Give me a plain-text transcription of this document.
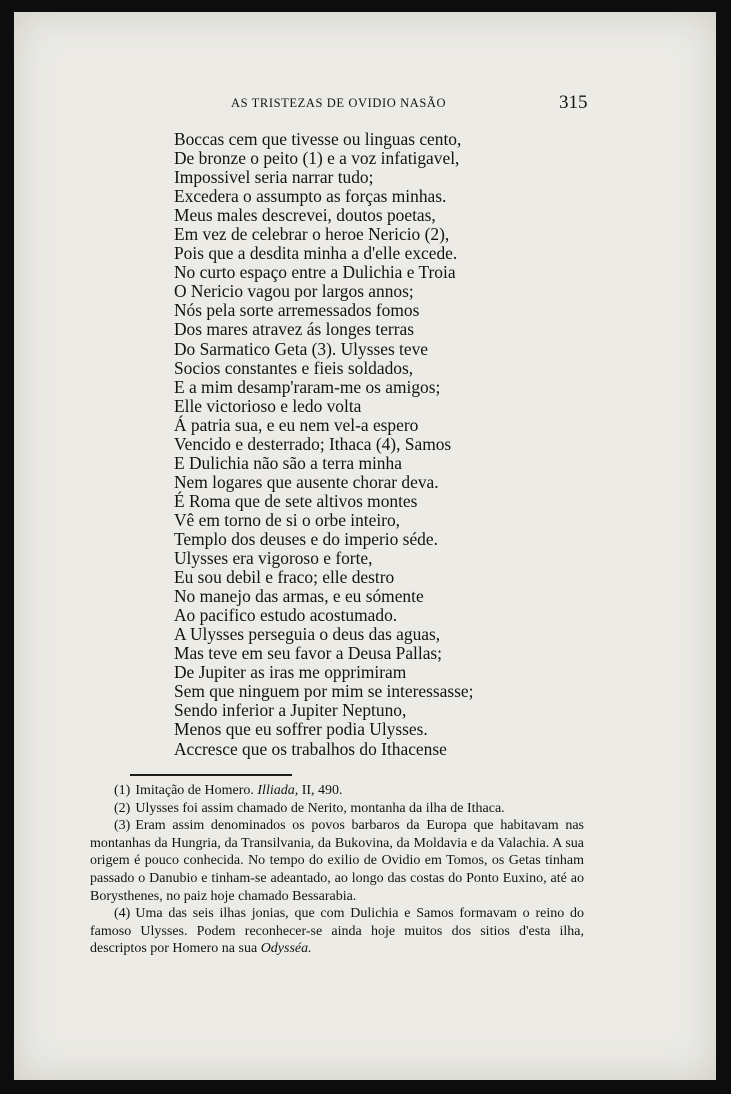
AS TRISTEZAS DE OVIDIO NASÃO	315
Boccas cem que tivesse ou linguas cento,
De bronze o peito (1) e a voz infatigavel,
Impossivel seria narrar tudo;
Excedera o assumpto as forças minhas.
Meus males descrevei, doutos poetas,
Em vez de celebrar o heroe Nericio (2),
Pois que a desdita minha a d'elle excede.
No curto espaço entre a Dulichia e Troia
O Nericio vagou por largos annos;
Nós pela sorte arremessados fomos
Dos mares atravez ás longes terras
Do Sarmatico Geta (3). Ulysses teve
Socios constantes e fieis soldados,
E a mim desamp'raram-me os amigos;
Elle victorioso e ledo volta
Á patria sua, e eu nem vel-a espero
Vencido e desterrado; Ithaca (4), Samos
E Dulichia não são a terra minha
Nem logares que ausente chorar deva.
É Roma que de sete altivos montes
Vê em torno de si o orbe inteiro,
Templo dos deuses e do imperio séde.
Ulysses era vigoroso e forte,
Eu sou debil e fraco; elle destro
No manejo das armas, e eu sómente
Ao pacifico estudo acostumado.
A Ulysses perseguia o deus das aguas,
Mas teve em seu favor a Deusa Pallas;
De Jupiter as iras me opprimiram
Sem que ninguem por mim se interessasse;
Sendo inferior a Jupiter Neptuno,
Menos que eu soffrer podia Ulysses.
Accresce que os trabalhos do Ithacense

(1) Imitação de Homero. Illiada, II, 490.

(2) Ulysses foi assim chamado de Nerito, montanha da ilha de Ithaca.

(3) Eram assim denominados os povos barbaros da Europa que habitavam nas montanhas da Hungria, da Transilvania, da Bukovina, da Moldavia e da Valachia. A sua origem é pouco conhecida. No tempo do exilio de Ovidio em Tomos, os Getas tinham passado o Danubio e tinham-se adeantado, ao longo das costas do Ponto Euxino, até ao Borysthenes, no paiz hoje chamado Bessarabia.

(4) Uma das seis ilhas jonias, que com Dulichia e Samos formavam o reino do famoso Ulysses. Podem reconhecer-se ainda hoje muitos dos sitios d'esta ilha, descriptos por Homero na sua Odysséa.
